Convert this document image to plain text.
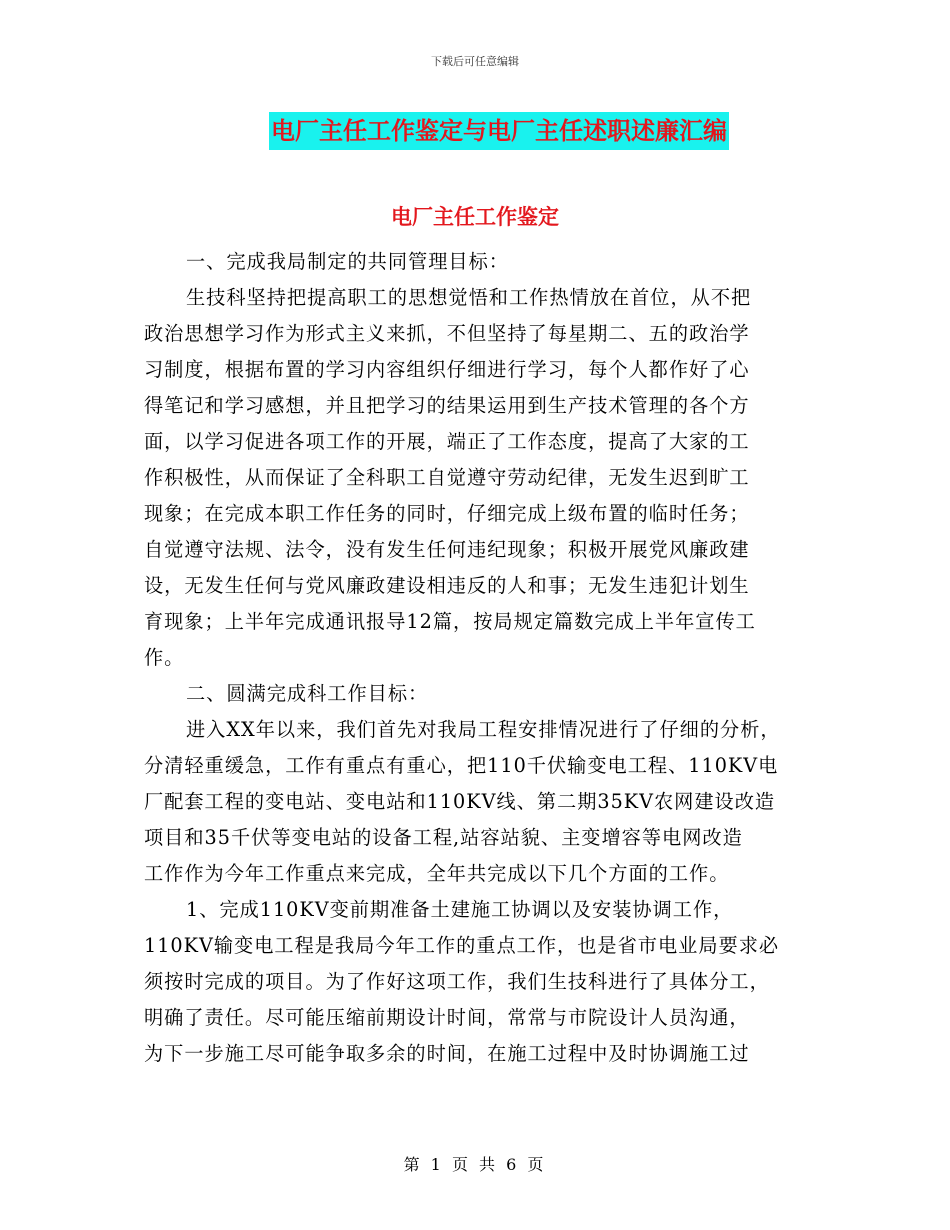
下载后可任意编辑
电厂主任工作鉴定与电厂主任述职述廉汇编
电厂主任工作鉴定
一、完成我局制定的共同管理目标：
生技科坚持把提高职工的思想觉悟和工作热情放在首位，从不把
政治思想学习作为形式主义来抓，不但坚持了每星期二、五的政治学
习制度，根据布置的学习内容组织仔细进行学习，每个人都作好了心
得笔记和学习感想，并且把学习的结果运用到生产技术管理的各个方
面，以学习促进各项工作的开展，端正了工作态度，提高了大家的工
作积极性，从而保证了全科职工自觉遵守劳动纪律，无发生迟到旷工
现象；在完成本职工作任务的同时，仔细完成上级布置的临时任务；
自觉遵守法规、法令，没有发生任何违纪现象；积极开展党风廉政建
设，无发生任何与党风廉政建设相违反的人和事；无发生违犯计划生
育现象；上半年完成通讯报导12篇，按局规定篇数完成上半年宣传工
作。
二、圆满完成科工作目标：
进入XX年以来，我们首先对我局工程安排情况进行了仔细的分析，
分清轻重缓急，工作有重点有重心，把110千伏输变电工程、110KV电
厂配套工程的变电站、变电站和110KV线、第二期35KV农网建设改造
项目和35千伏等变电站的设备工程,站容站貌、主变增容等电网改造
工作作为今年工作重点来完成，全年共完成以下几个方面的工作。
1、完成110KV变前期准备土建施工协调以及安装协调工作，
110KV输变电工程是我局今年工作的重点工作，也是省市电业局要求必
须按时完成的项目。为了作好这项工作，我们生技科进行了具体分工，
明确了责任。尽可能压缩前期设计时间，常常与市院设计人员沟通，
为下一步施工尽可能争取多余的时间，在施工过程中及时协调施工过
第 1 页 共 6 页
